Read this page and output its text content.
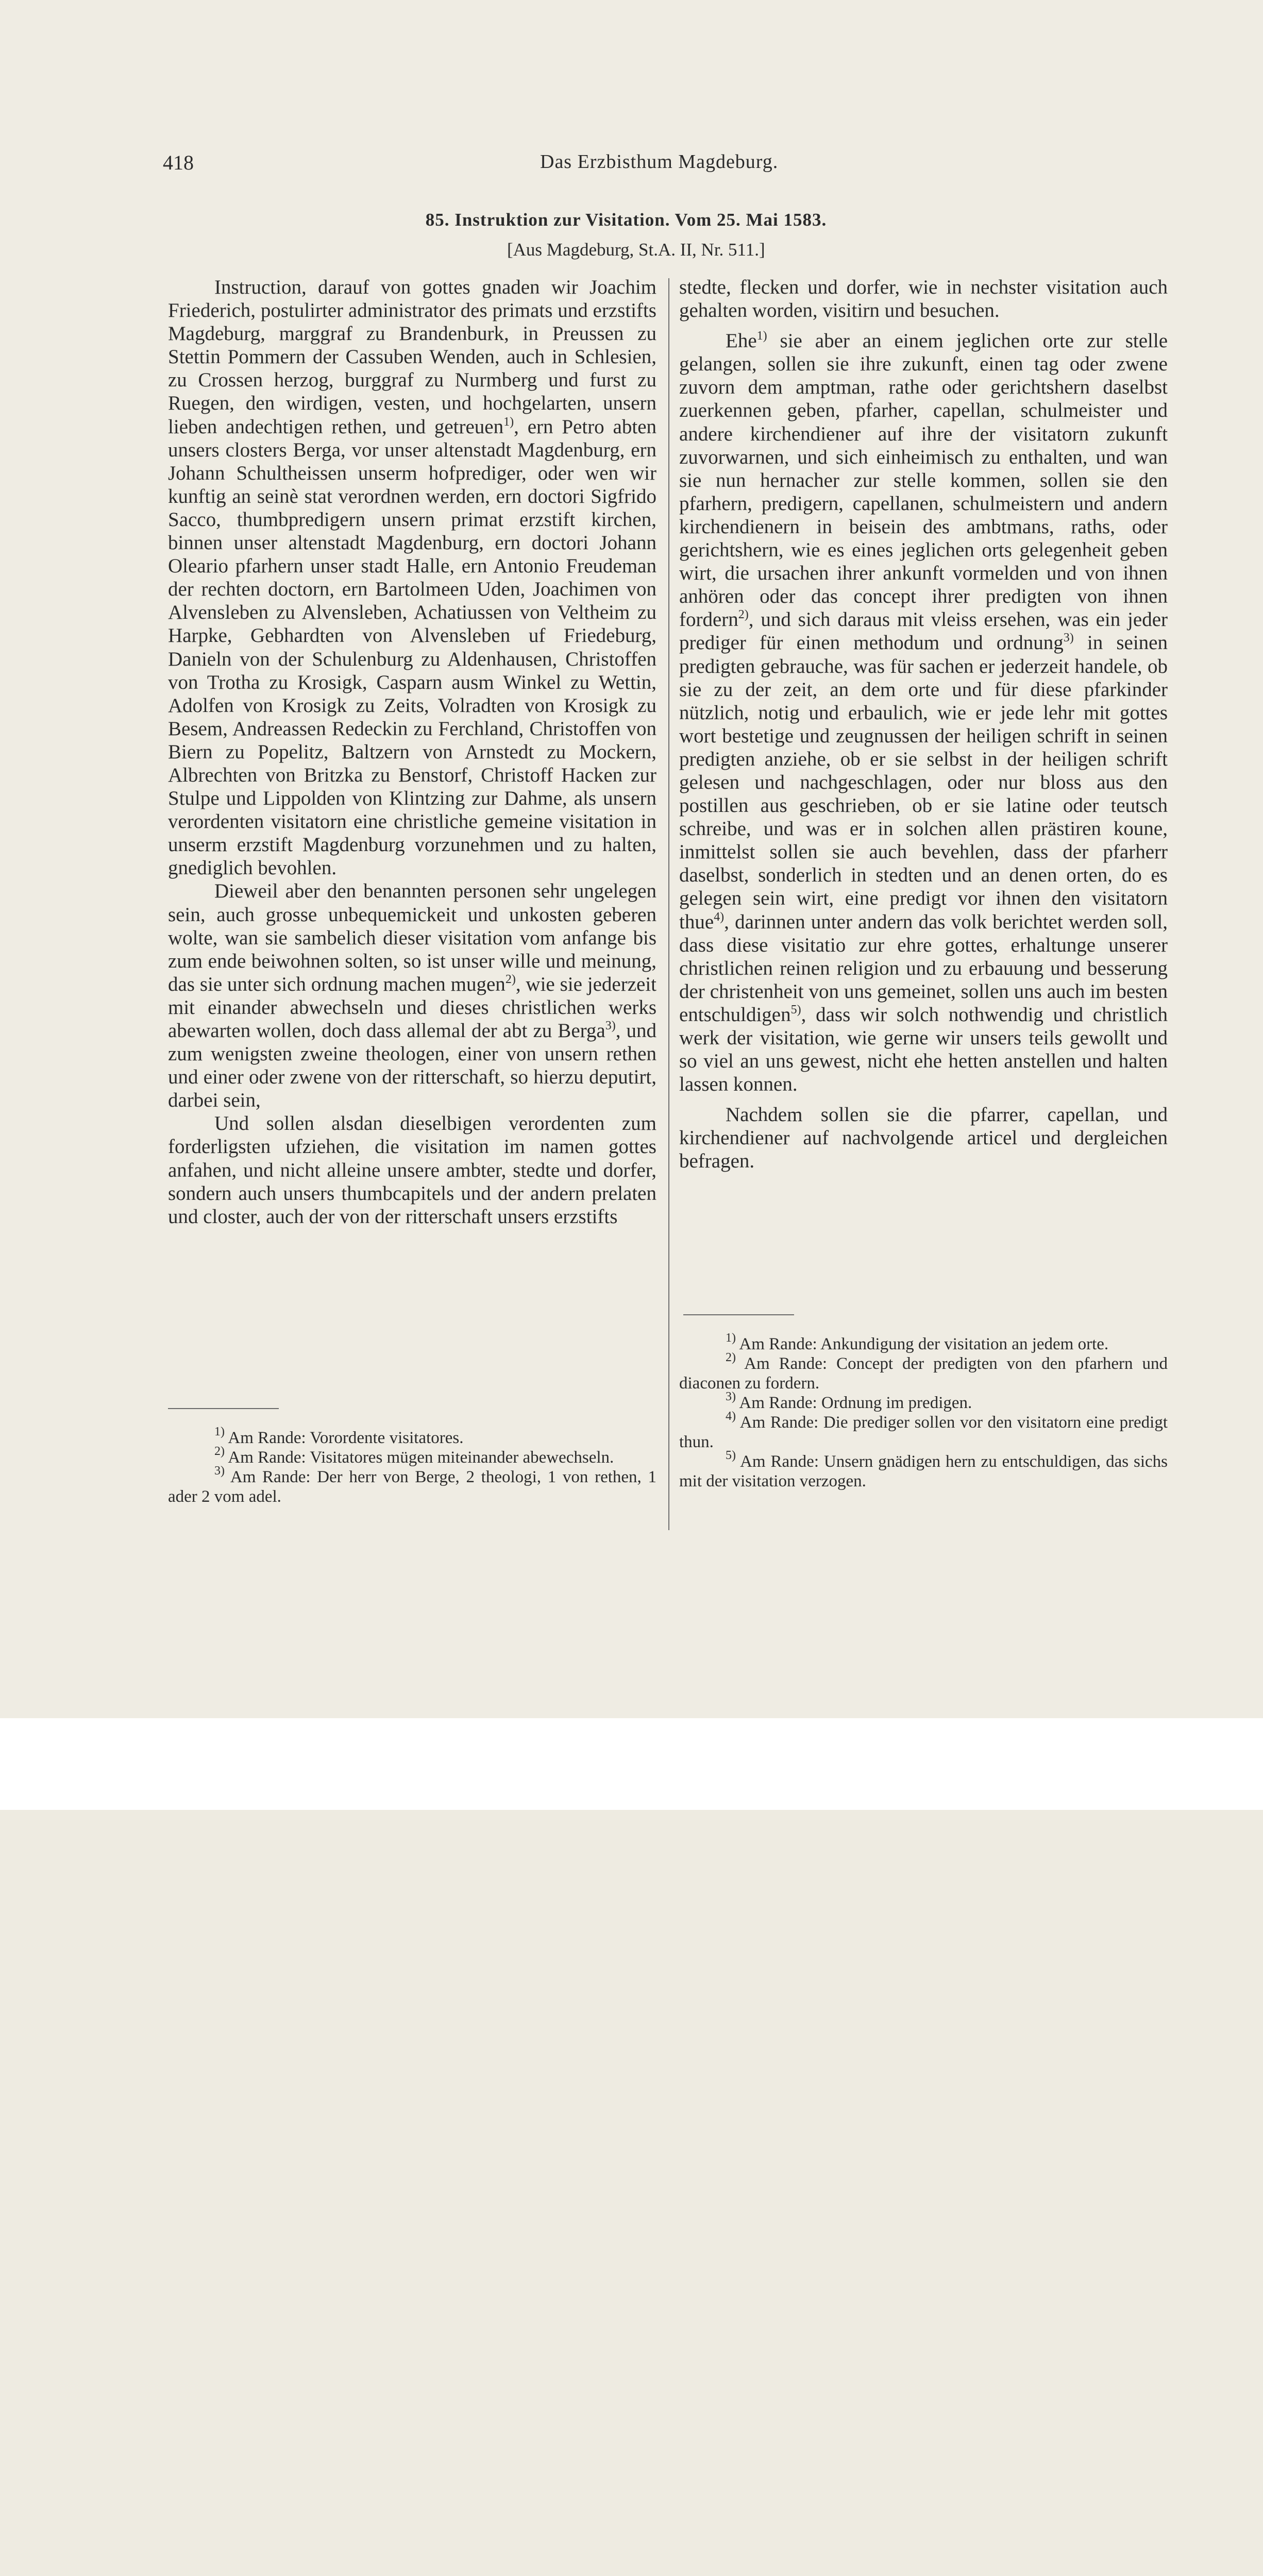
418	Das Erzbisthum Magdeburg.
85. Instruktion zur Visitation. Vom 25. Mai 1583.
[Aus Magdeburg, St.A. II, Nr. 511.]

Instruction, darauf von gottes gnaden wir Joachim Friederich, postulirter administrator des primats und erzstifts Magdeburg, marggraf zu Brandenburk, in Preussen zu Stettin Pommern der Cassuben Wenden, auch in Schlesien, zu Crossen herzog, burggraf zu Nurmberg und furst zu Ruegen, den wirdigen, vesten, und hochgelarten, unsern lieben andechtigen rethen, und getreuen$^{1)}$, ern Petro abten unsers closters Berga, vor unser altenstadt Magdenburg, ern Johann Schultheissen unserm hofprediger, oder wen wir kunftig an seinè stat verordnen werden, ern doctori Sigfrido Sacco, thumbpredigern unsern primat erzstift kirchen, binnen unser altenstadt Magdenburg, ern doctori Johann Oleario pfarhern unser stadt Halle, ern Antonio Freudeman der rechten doctorn, ern Bartolmeen Uden, Joachimen von Alvensleben zu Alvensleben, Achatiussen von Veltheim zu Harpke, Gebhardten von Alvensleben uf Friedeburg, Danieln von der Schulenburg zu Aldenhausen, Christoffen von Trotha zu Krosigk, Casparn ausm Winkel zu Wettin, Adolfen von Krosigk zu Zeits, Volradten von Krosigk zu Besem, Andreassen Redeckin zu Ferchland, Christoffen von Biern zu Popelitz, Baltzern von Arnstedt zu Mockern, Albrechten von Britzka zu Benstorf, Christoff Hacken zur Stulpe und Lippolden von Klintzing zur Dahme, als unsern verordenten visitatorn eine christliche gemeine visitation in unserm erzstift Magdenburg vorzunehmen und zu halten, gnediglich bevohlen.

Dieweil aber den benannten personen sehr ungelegen sein, auch grosse unbequemickeit und unkosten geberen wolte, wan sie sambelich dieser visitation vom anfange bis zum ende beiwohnen solten, so ist unser wille und meinung, das sie unter sich ordnung machen mugen$^{2)}$, wie sie jederzeit mit einander abwechseln und dieses christlichen werks abewarten wollen, doch dass allemal der abt zu Berga$^{3)}$, und zum wenigsten zweine theologen, einer von unsern rethen und einer oder zwene von der ritterschaft, so hierzu deputirt, darbei sein,

Und sollen alsdan dieselbigen verordenten zum forderligsten ufziehen, die visitation im namen gottes anfahen, und nicht alleine unsere ambter, stedte und dorfer, sondern auch unsers thumbcapitels und der andern prelaten und closter, auch der von der ritterschaft unsers erzstifts

stedte, flecken und dorfer, wie in nechster visitation auch gehalten worden, visitirn und besuchen.

Ehe$^{1)}$ sie aber an einem jeglichen orte zur stelle gelangen, sollen sie ihre zukunft, einen tag oder zwene zuvorn dem amptman, rathe oder gerichtshern daselbst zuerkennen geben, pfarher, capellan, schulmeister und andere kirchendiener auf ihre der visitatorn zukunft zuvorwarnen, und sich einheimisch zu enthalten, und wan sie nun hernacher zur stelle kommen, sollen sie den pfarhern, predigern, capellanen, schulmeistern und andern kirchendienern in beisein des ambtmans, raths, oder gerichtshern, wie es eines jeglichen orts gelegenheit geben wirt, die ursachen ihrer ankunft vormelden und von ihnen anhören oder das concept ihrer predigten von ihnen fordern$^{2)}$, und sich daraus mit vleiss ersehen, was ein jeder prediger für einen methodum und ordnung$^{3)}$ in seinen predigten gebrauche, was für sachen er jederzeit handele, ob sie zu der zeit, an dem orte und für diese pfarkinder nützlich, notig und erbaulich, wie er jede lehr mit gottes wort bestetige und zeugnussen der heiligen schrift in seinen predigten anziehe, ob er sie selbst in der heiligen schrift gelesen und nachgeschlagen, oder nur bloss aus den postillen aus geschrieben, ob er sie latine oder teutsch schreibe, und was er in solchen allen prästiren koune, inmittelst sollen sie auch bevehlen, dass der pfarherr daselbst, sonderlich in stedten und an denen orten, do es gelegen sein wirt, eine predigt vor ihnen den visitatorn thue$^{4)}$, darinnen unter andern das volk berichtet werden soll, dass diese visitatio zur ehre gottes, erhaltunge unserer christlichen reinen religion und zu erbauung und besserung der christenheit von uns gemeinet, sollen uns auch im besten entschuldigen$^{5)}$, dass wir solch nothwendig und christlich werk der visitation, wie gerne wir unsers teils gewollt und so viel an uns gewest, nicht ehe hetten anstellen und halten lassen konnen.

Nachdem sollen sie die pfarrer, capellan, und kirchendiener auf nachvolgende articel und dergleichen befragen.

$^{1)}$ Am Rande: Vorordente visitatores.

$^{2)}$ Am Rande: Visitatores mügen miteinander abewechseln.

$^{3)}$ Am Rande: Der herr von Berge, 2 theologi, 1 von rethen, 1 ader 2 vom adel.

$^{1)}$ Am Rande: Ankundigung der visitation an jedem orte.

$^{2)}$ Am Rande: Concept der predigten von den pfarhern und diaconen zu fordern.

$^{3)}$ Am Rande: Ordnung im predigen.

$^{4)}$ Am Rande: Die prediger sollen vor den visitatorn eine predigt thun.

$^{5)}$ Am Rande: Unsern gnädigen hern zu entschuldigen, das sichs mit der visitation verzogen.
